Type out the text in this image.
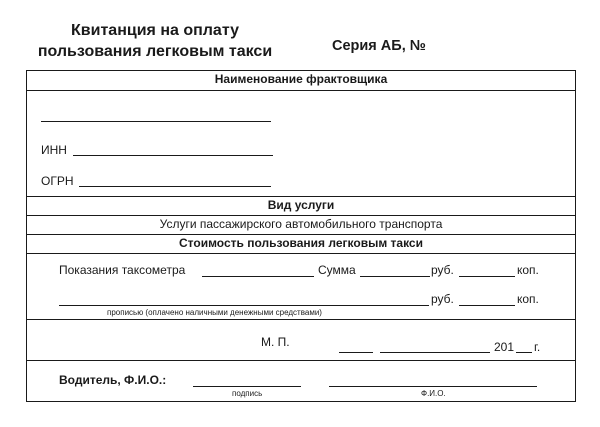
Квитанция на оплату
пользования легковым такси	Серия АБ, №
Наименование фрактовщика
ИНН
ОГРН
Вид услуги
Услуги пассажирского автомобильного транспорта
Стоимость пользования легковым такси
Показания таксометра	Сумма	руб.	коп.
руб.	коп.
прописью (оплачено наличными денежными средствами)
М. П.	201 г.
Водитель, Ф.И.О.:
подпись	Ф.И.О.
